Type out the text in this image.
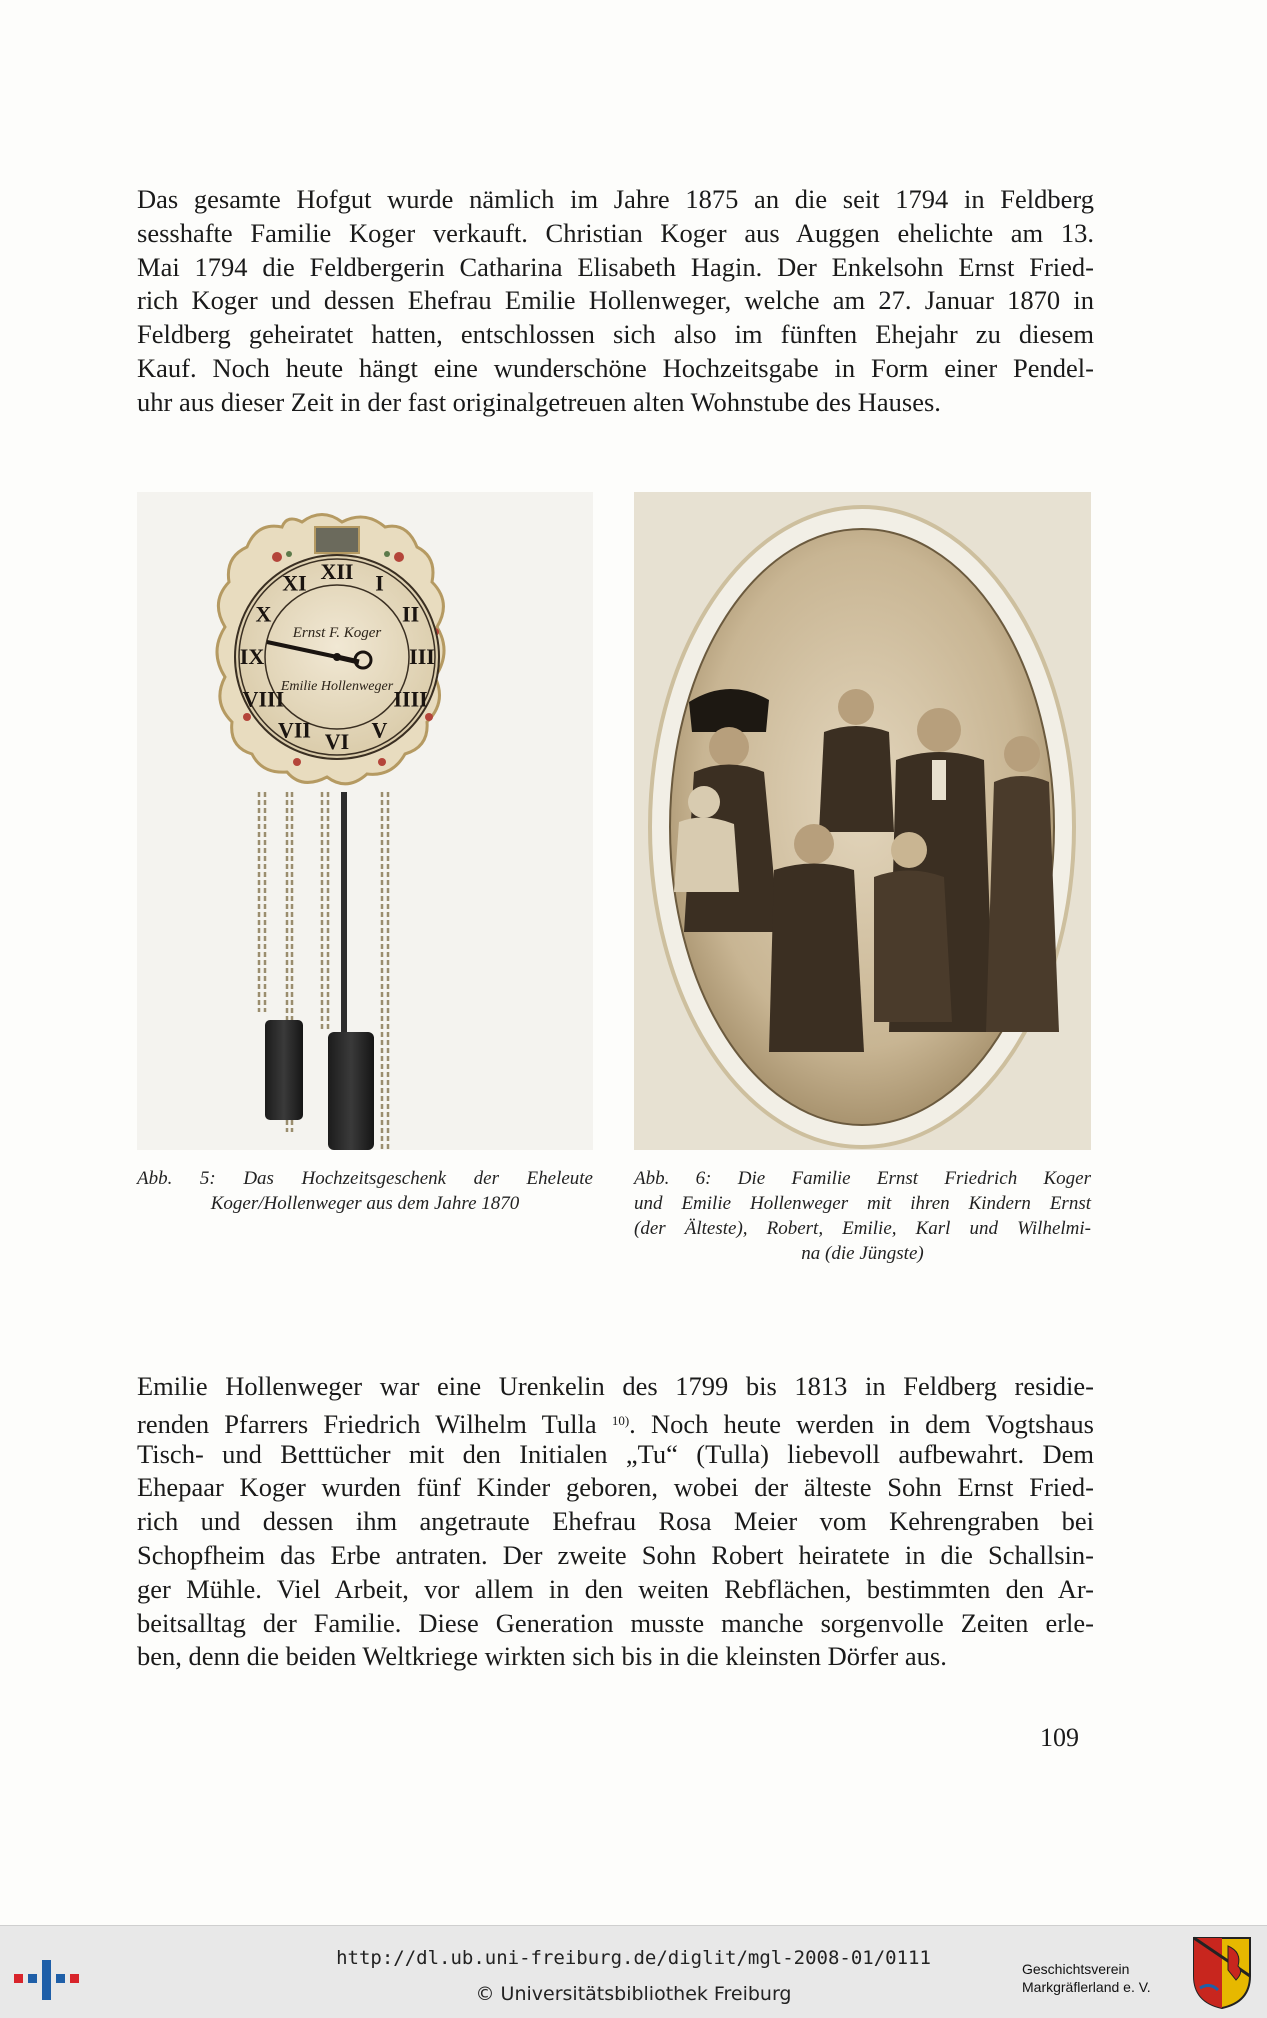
Das gesamte Hofgut wurde nämlich im Jahre 1875 an die seit 1794 in Feldberg
sesshafte Familie Koger verkauft. Christian Koger aus Auggen ehelichte am 13.
Mai 1794 die Feldbergerin Catharina Elisabeth Hagin. Der Enkelsohn Ernst Fried-
rich Koger und dessen Ehefrau Emilie Hollenweger, welche am 27. Januar 1870 in
Feldberg geheiratet hatten, entschlossen sich also im fünften Ehejahr zu diesem
Kauf. Noch heute hängt eine wunderschöne Hochzeitsgabe in Form einer Pendel-
uhr aus dieser Zeit in der fast originalgetreuen alten Wohnstube des Hauses.
XII I
II
III
IIII
V
VI
VII
VIII
IX
X
XI
Ernst F. Koger
Emilie Hollenweger
Abb. 5: Das Hochzeitsgeschenk der Eheleute
Koger/Hollenweger aus dem Jahre 1870
Abb. 6: Die Familie Ernst Friedrich Koger
und Emilie Hollenweger mit ihren Kindern Ernst
(der Älteste), Robert, Emilie, Karl und Wilhelmi-
na (die Jüngste)
Emilie Hollenweger war eine Urenkelin des 1799 bis 1813 in Feldberg residie-
renden Pfarrers Friedrich Wilhelm Tulla $^{10)}$. Noch heute werden in dem Vogtshaus
Tisch- und Betttücher mit den Initialen „Tu“ (Tulla) liebevoll aufbewahrt. Dem
Ehepaar Koger wurden fünf Kinder geboren, wobei der älteste Sohn Ernst Fried-
rich und dessen ihm angetraute Ehefrau Rosa Meier vom Kehrengraben bei
Schopfheim das Erbe antraten. Der zweite Sohn Robert heiratete in die Schallsin-
ger Mühle. Viel Arbeit, vor allem in den weiten Rebflächen, bestimmten den Ar-
beitsalltag der Familie. Diese Generation musste manche sorgenvolle Zeiten erle-
ben, denn die beiden Weltkriege wirkten sich bis in die kleinsten Dörfer aus.
109
http://dl.ub.uni-freiburg.de/diglit/mgl-2008-01/0111
© Universitätsbibliothek Freiburg
Geschichtsverein
Markgräflerland e. V.
